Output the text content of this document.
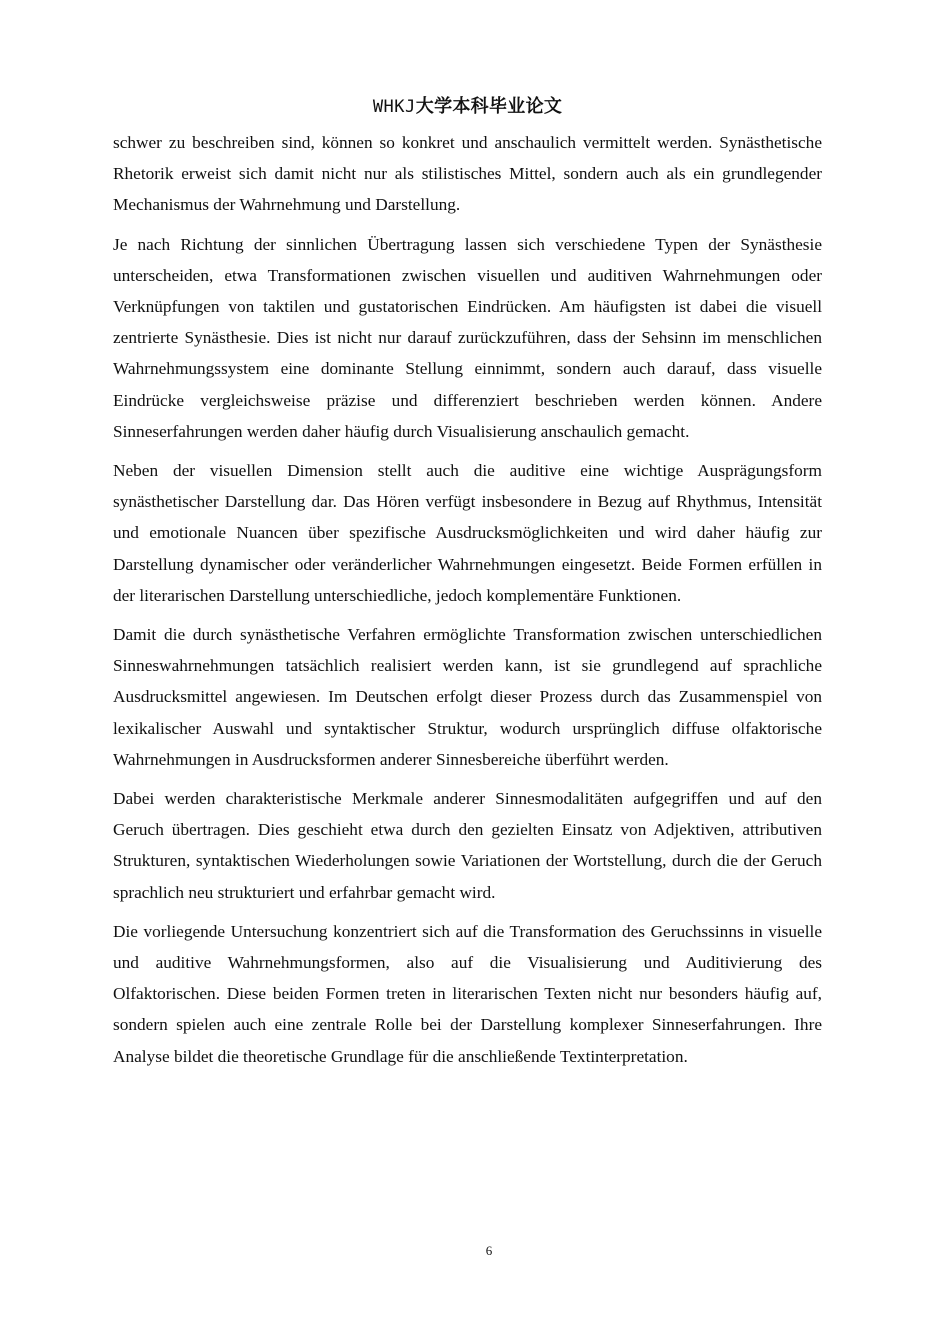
WHKJ大学本科毕业论文

schwer zu beschreiben sind, können so konkret und anschaulich vermittelt werden. Synästhetische Rhetorik erweist sich damit nicht nur als stilistisches Mittel, sondern auch als ein grundlegender Mechanismus der Wahrnehmung und Darstellung.

Je nach Richtung der sinnlichen Übertragung lassen sich verschiedene Typen der Synästhesie unterscheiden, etwa Transformationen zwischen visuellen und auditiven Wahrnehmungen oder Verknüpfungen von taktilen und gustatorischen Eindrücken. Am häufigsten ist dabei die visuell zentrierte Synästhesie. Dies ist nicht nur darauf zurückzuführen, dass der Sehsinn im menschlichen Wahrnehmungssystem eine dominante Stellung einnimmt, sondern auch darauf, dass visuelle Eindrücke vergleichsweise präzise und differenziert beschrieben werden können. Andere Sinneserfahrungen werden daher häufig durch Visualisierung anschaulich gemacht.

Neben der visuellen Dimension stellt auch die auditive eine wichtige Ausprägungsform synästhetischer Darstellung dar. Das Hören verfügt insbesondere in Bezug auf Rhythmus, Intensität und emotionale Nuancen über spezifische Ausdrucksmöglichkeiten und wird daher häufig zur Darstellung dynamischer oder veränderlicher Wahrnehmungen eingesetzt. Beide Formen erfüllen in der literarischen Darstellung unterschiedliche, jedoch komplementäre Funktionen.

Damit die durch synästhetische Verfahren ermöglichte Transformation zwischen unterschiedlichen Sinneswahrnehmungen tatsächlich realisiert werden kann, ist sie grundlegend auf sprachliche Ausdrucksmittel angewiesen. Im Deutschen erfolgt dieser Prozess durch das Zusammenspiel von lexikalischer Auswahl und syntaktischer Struktur, wodurch ursprünglich diffuse olfaktorische Wahrnehmungen in Ausdrucksformen anderer Sinnesbereiche überführt werden.

Dabei werden charakteristische Merkmale anderer Sinnesmodalitäten aufgegriffen und auf den Geruch übertragen. Dies geschieht etwa durch den gezielten Einsatz von Adjektiven, attributiven Strukturen, syntaktischen Wiederholungen sowie Variationen der Wortstellung, durch die der Geruch sprachlich neu strukturiert und erfahrbar gemacht wird.

Die vorliegende Untersuchung konzentriert sich auf die Transformation des Geruchssinns in visuelle und auditive Wahrnehmungsformen, also auf die Visualisierung und Auditivierung des Olfaktorischen. Diese beiden Formen treten in literarischen Texten nicht nur besonders häufig auf, sondern spielen auch eine zentrale Rolle bei der Darstellung komplexer Sinneserfahrungen. Ihre Analyse bildet die theoretische Grundlage für die anschließende Textinterpretation.

6
